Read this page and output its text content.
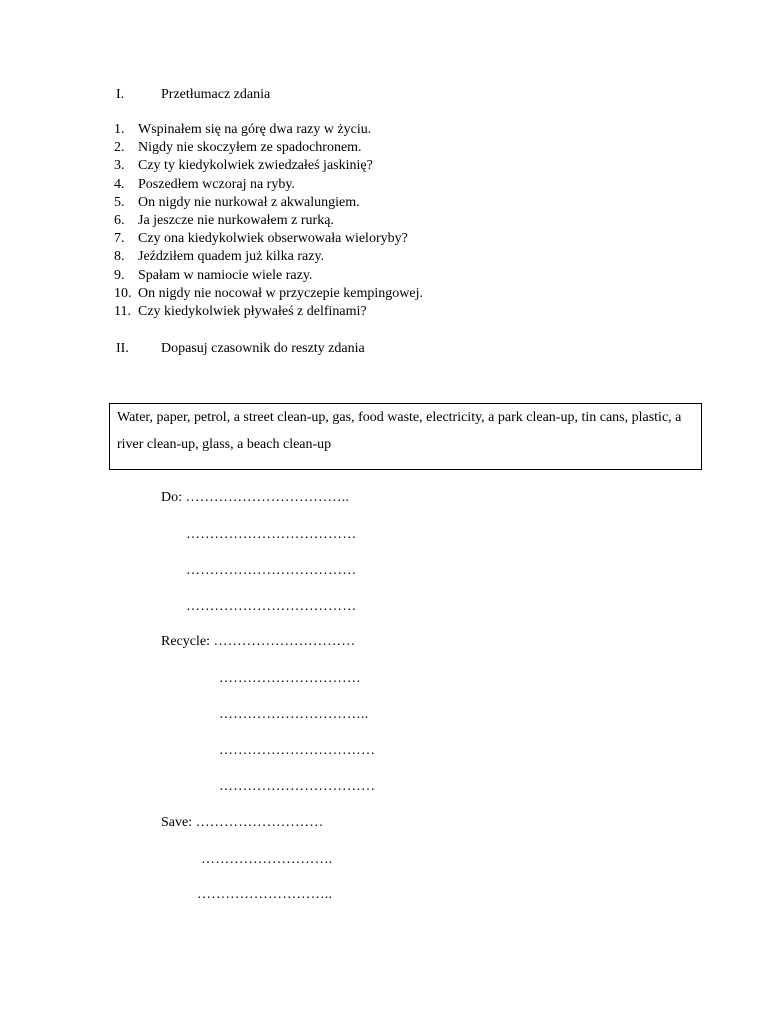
I.	Przetłumacz zdania
1. Wspinałem się na górę dwa razy w życiu.
2. Nigdy nie skoczyłem ze spadochronem.
3. Czy ty kiedykolwiek zwiedzałeś jaskinię?
4. Poszedłem wczoraj na ryby.
5. On nigdy nie nurkował z akwalungiem.
6. Ja jeszcze nie nurkowałem z rurką.
7. Czy ona kiedykolwiek obserwowała wieloryby?
8. Jeździłem quadem już kilka razy.
9. Spałam w namiocie wiele razy.
10. On nigdy nie nocował w przyczepie kempingowej.
11. Czy kiedykolwiek pływałeś z delfinami?
II. Dopasuj czasownik do reszty zdania
Water, paper, petrol, a street clean-up, gas, food waste, electricity, a park clean-up, tin cans, plastic, a river clean-up, glass, a beach clean-up
Do: ……………………………..
………………………………
………………………………
………………………………
Recycle: …………………………
…………………………
…………………………..
……………………………
……………………………
Save: ………………………
……………………….
………………………..
